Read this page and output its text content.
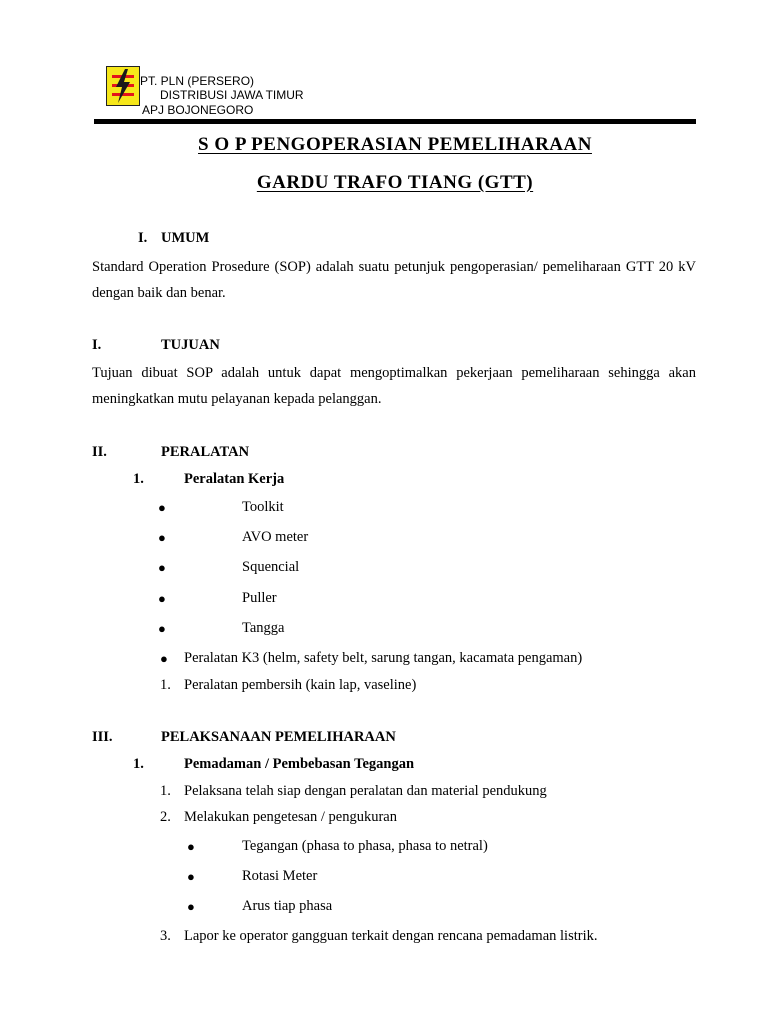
PT. PLN (PERSERO)
DISTRIBUSI JAWA TIMUR
APJ BOJONEGORO
S O P PENGOPERASIAN PEMELIHARAAN
GARDU TRAFO TIANG (GTT)
I. UMUM
Standard Operation Prosedure (SOP) adalah suatu petunjuk pengoperasian/ pemeliharaan GTT 20 kV dengan baik dan benar.
I.	TUJUAN
Tujuan dibuat SOP adalah untuk dapat mengoptimalkan pekerjaan pemeliharaan sehingga akan meningkatkan mutu pelayanan kepada pelanggan.
II.	PERALATAN
1.	Peralatan Kerja
●	Toolkit
●	AVO meter
●	Squencial
●	Puller
●	Tangga
● Peralatan K3 (helm, safety belt, sarung tangan, kacamata pengaman)
1. Peralatan pembersih (kain lap, vaseline)
III.	PELAKSANAAN PEMELIHARAAN
1.	Pemadaman / Pembebasan Tegangan
1. Pelaksana telah siap dengan peralatan dan material pendukung
2. Melakukan pengetesan / pengukuran
●	Tegangan (phasa to phasa, phasa to netral)
●	Rotasi Meter
●	Arus tiap phasa
3. Lapor ke operator gangguan terkait dengan rencana pemadaman listrik.
